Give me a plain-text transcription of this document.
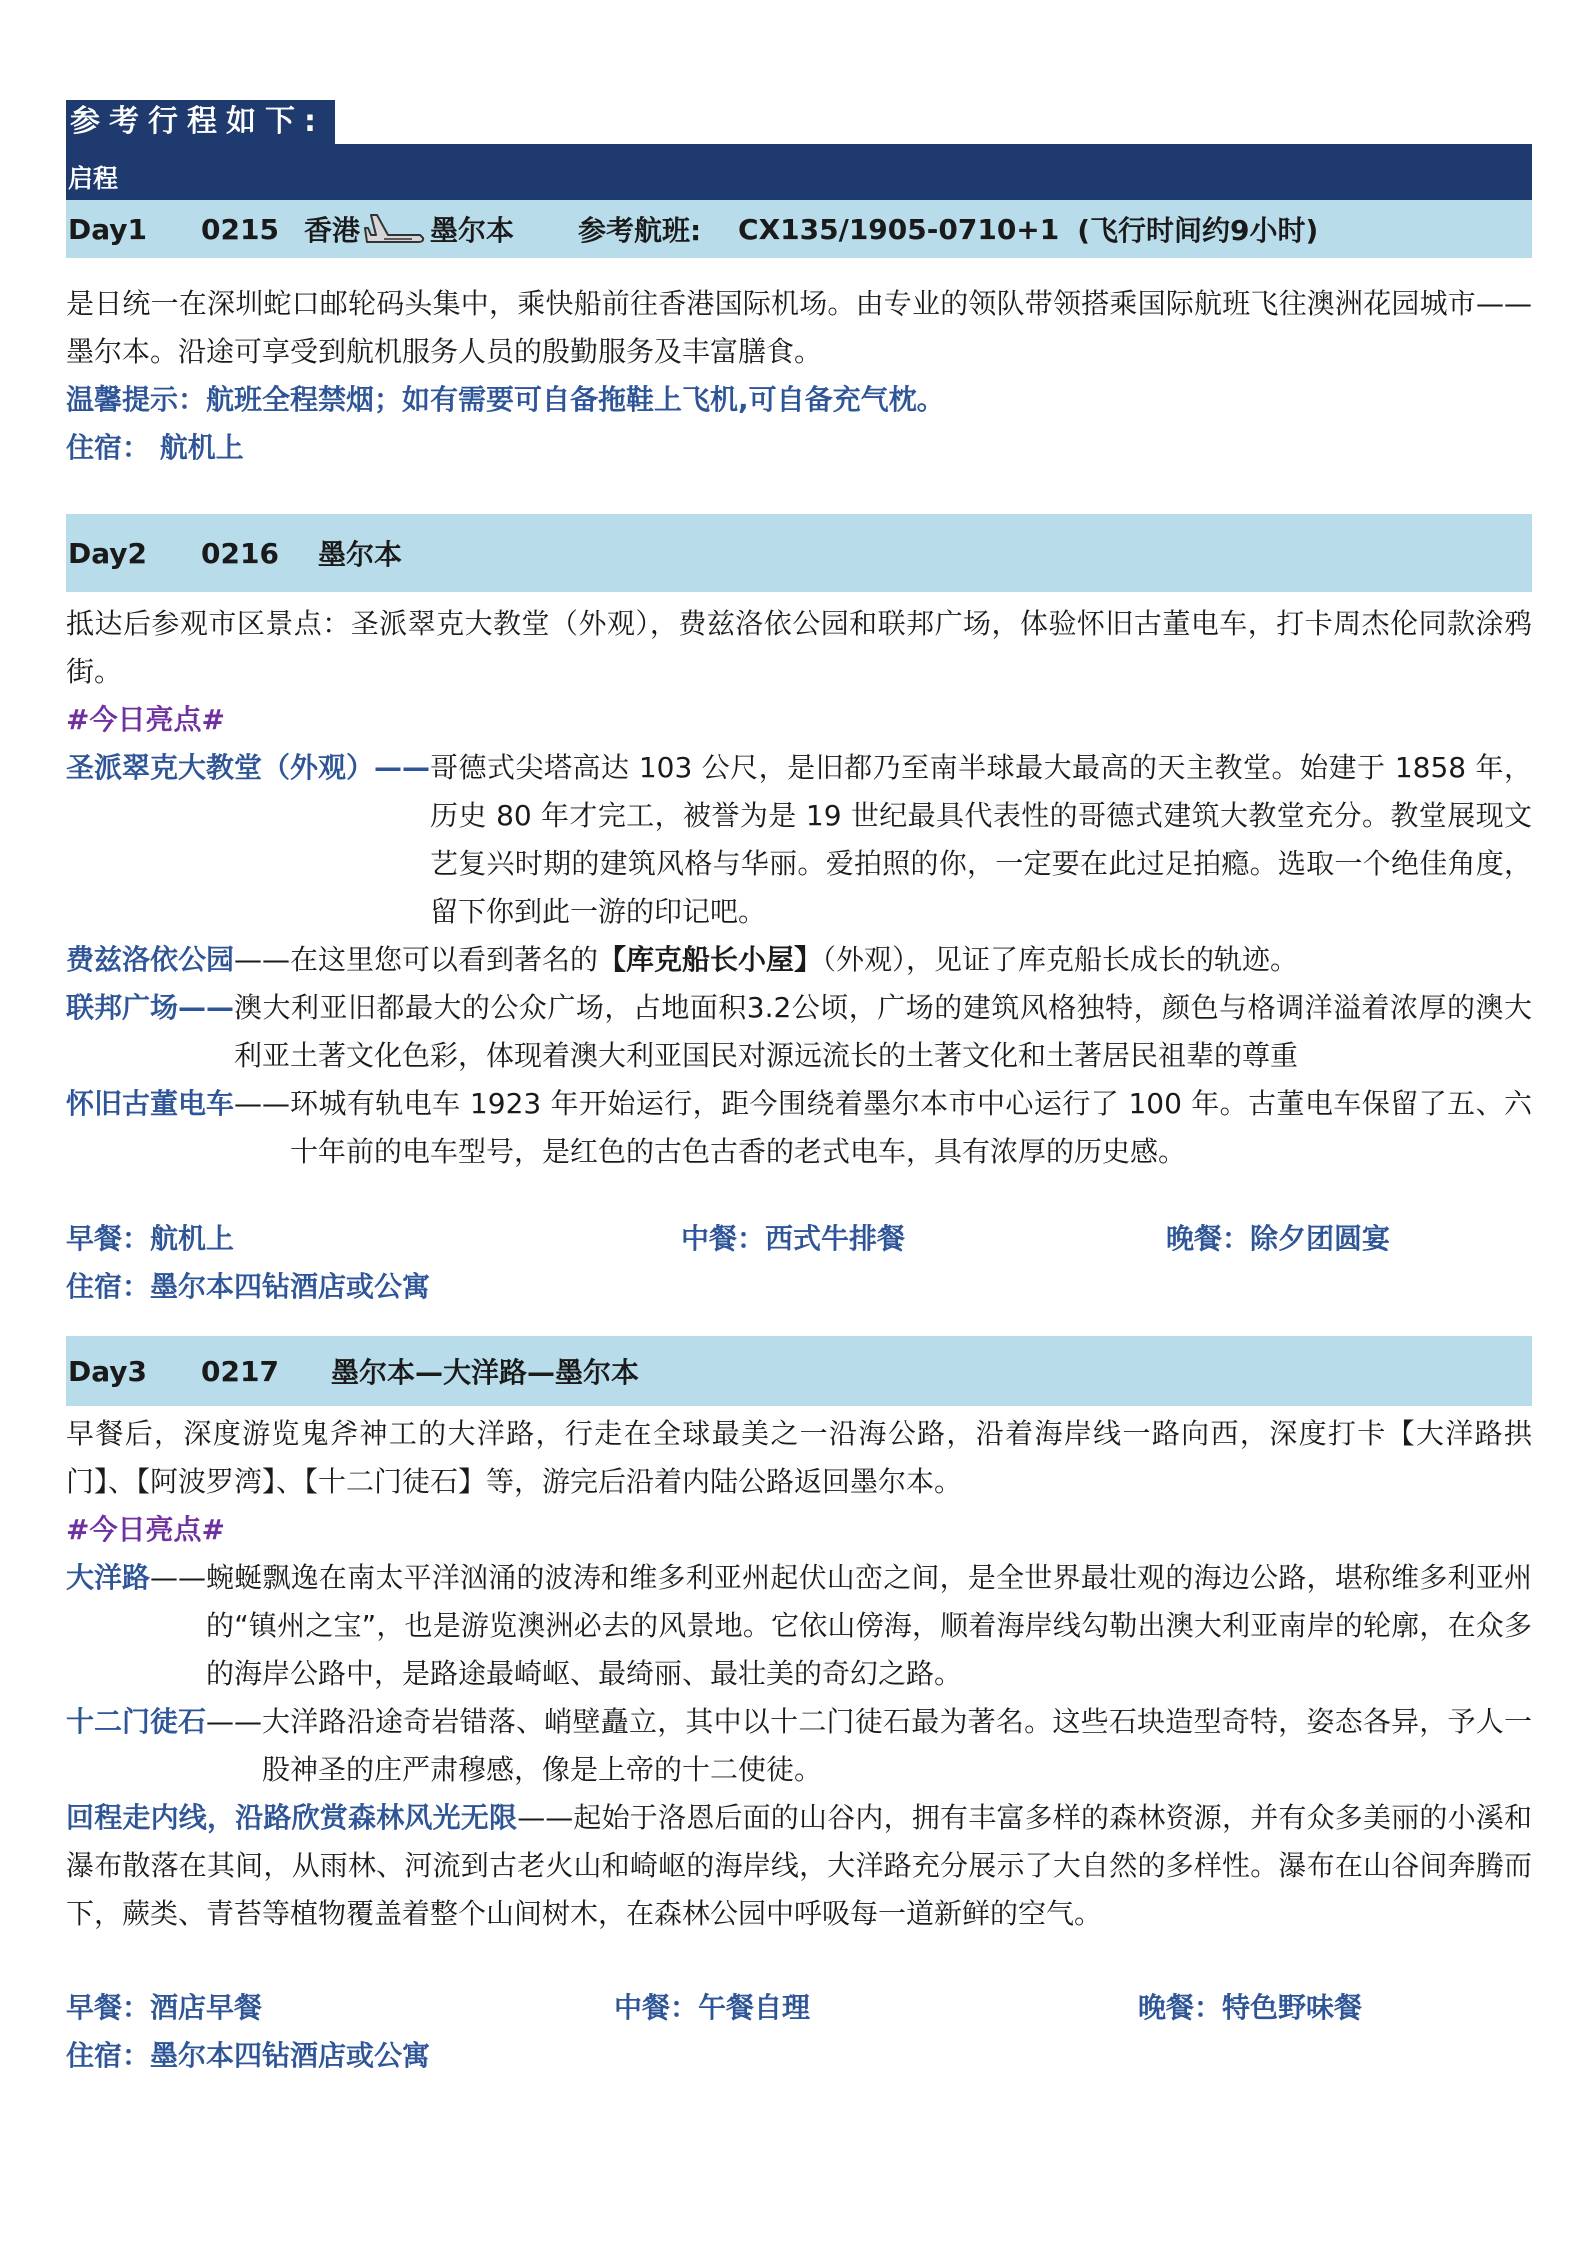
参考行程如下:
启程
Day1	0215 香港	墨尔本	参考航班:	CX135/1905-0710+1 (飞行时间约9小时)
是日统一在深圳蛇口邮轮码头集中，乘快船前往香港国际机场。由专业的领队带领搭乘国际航班飞往澳洲花园城市——墨尔本。沿途可享受到航机服务人员的殷勤服务及丰富膳食。
温馨提示：航班全程禁烟；如有需要可自备拖鞋上飞机,可自备充气枕。
住宿： 航机上
Day2	0216	墨尔本
抵达后参观市区景点：圣派翠克大教堂（外观），费兹洛依公园和联邦广场，体验怀旧古董电车，打卡周杰伦同款涂鸦街。
#今日亮点#
圣派翠克大教堂（外观）—— 哥德式尖塔高达 103 公尺，是旧都乃至南半球最大最高的天主教堂。始建于 1858 年，历史 80 年才完工，被誉为是 19 世纪最具代表性的哥德式建筑大教堂充分。教堂展现文艺复兴时期的建筑风格与华丽。爱拍照的你，一定要在此过足拍瘾。选取一个绝佳角度，留下你到此一游的印记吧。
费兹洛依公园—— 在这里您可以看到著名的【库克船长小屋】（外观），见证了库克船长成长的轨迹。
联邦广场—— 澳大利亚旧都最大的公众广场，占地面积3.2公顷，广场的建筑风格独特，颜色与格调洋溢着浓厚的澳大利亚土著文化色彩，体现着澳大利亚国民对源远流长的土著文化和土著居民祖辈的尊重
怀旧古董电车—— 环城有轨电车 1923 年开始运行，距今围绕着墨尔本市中心运行了 100 年。古董电车保留了五、六十年前的电车型号，是红色的古色古香的老式电车，具有浓厚的历史感。
早餐：航机上	中餐：西式牛排餐	晚餐：除夕团圆宴
住宿：墨尔本四钻酒店或公寓
Day3	0217	墨尔本—大洋路—墨尔本
早餐后，深度游览鬼斧神工的大洋路，行走在全球最美之一沿海公路，沿着海岸线一路向西，深度打卡【大洋路拱门】、【阿波罗湾】、【十二门徒石】等，游完后沿着内陆公路返回墨尔本。
#今日亮点#
大洋路—— 蜿蜒飘逸在南太平洋汹涌的波涛和维多利亚州起伏山峦之间，是全世界最壮观的海边公路，堪称维多利亚州的“镇州之宝”，也是游览澳洲必去的风景地。它依山傍海，顺着海岸线勾勒出澳大利亚南岸的轮廓，在众多的海岸公路中，是路途最崎岖、最绮丽、最壮美的奇幻之路。
十二门徒石—— 大洋路沿途奇岩错落、峭壁矗立，其中以十二门徒石最为著名。这些石块造型奇特，姿态各异，予人一股神圣的庄严肃穆感，像是上帝的十二使徒。
回程走内线，沿路欣赏森林风光无限——起始于洛恩后面的山谷内，拥有丰富多样的森林资源，并有众多美丽的小溪和瀑布散落在其间，从雨林、河流到古老火山和崎岖的海岸线，大洋路充分展示了大自然的多样性。瀑布在山谷间奔腾而下，蕨类、青苔等植物覆盖着整个山间树木，在森林公园中呼吸每一道新鲜的空气。
早餐：酒店早餐	中餐：午餐自理	晚餐：特色野味餐
住宿：墨尔本四钻酒店或公寓
